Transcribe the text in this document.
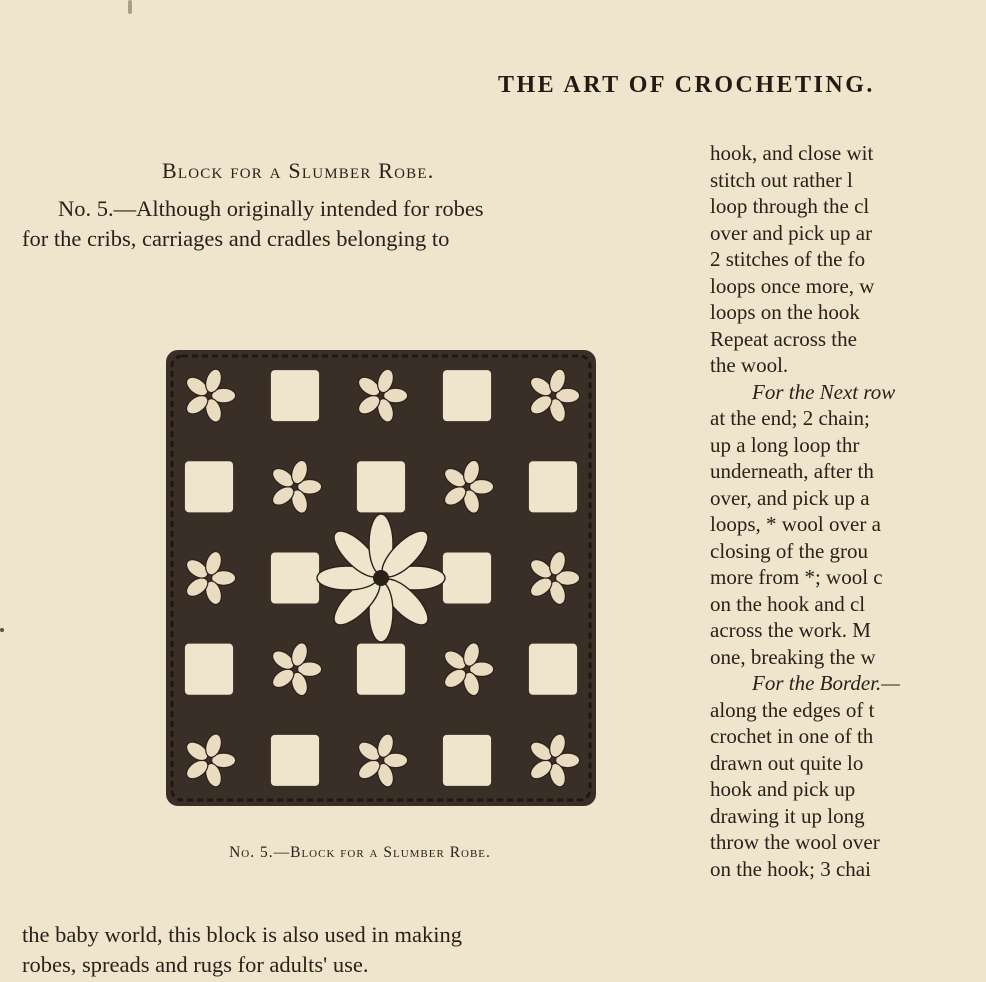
THE ART OF CROCHETING.
Block for a Slumber Robe.
No. 5.—Although originally intended for robes
for the cribs, carriages and cradles belonging to
No. 5.—Block for a Slumber Robe.
the baby world, this block is also used in making
robes, spreads and rugs for adults' use.
hook, and close wit
stitch out rather l
loop through the cl
over and pick up ar
2 stitches of the fo
loops once more, w
loops on the hook
Repeat across the
the wool.
For the Next row
at the end; 2 chain;
up a long loop thr
underneath, after th
over, and pick up a
loops, * wool over a
closing of the grou
more from *; wool c
on the hook and cl
across the work. M
one, breaking the w
For the Border.—
along the edges of t
crochet in one of th
drawn out quite lo
hook and pick up
drawing it up long
throw the wool over
on the hook; 3 chai
